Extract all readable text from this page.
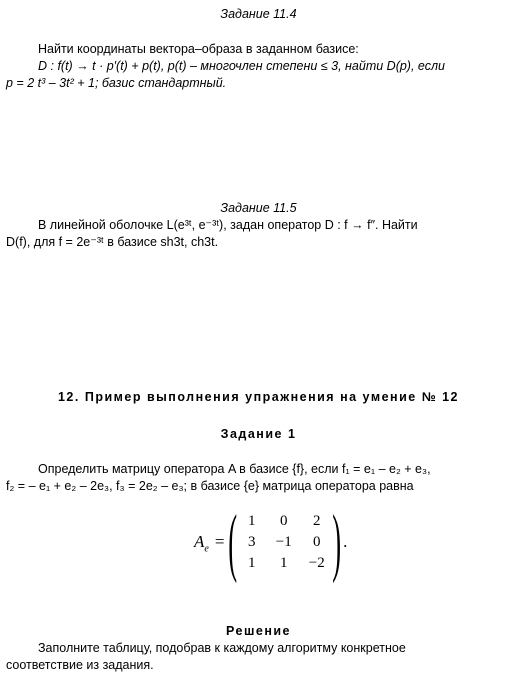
Задание 11.4
Найти координаты вектора–образа в заданном базисе:
D : f(t) → t · p′(t) + p(t), p(t) – многочлен степени ≤ 3, найти D(p), если
p = 2 t³ – 3t² + 1; базис стандартный.
Задание 11.5
В линейной оболочке L(e³ᵗ, e⁻³ᵗ), задан оператор D : f → f″. Найти
D(f), для f = 2e⁻³ᵗ в базисе sh3t, ch3t.
12. Пример выполнения упражнения на умение № 12
Задание 1
Определить матрицу оператора A в базисе {f}, если f₁ = e₁ – e₂ + e₃,
f₂ = – e₁ + e₂ – 2e₃, f₃ = 2e₂ – e₃; в базисе {e} матрица оператора равна
$A_e$ = ( 1	0	2
3	−1	0
1	1	−2 ) .
Решение
Заполните таблицу, подобрав к каждому алгоритму конкретное
соответствие из задания.
